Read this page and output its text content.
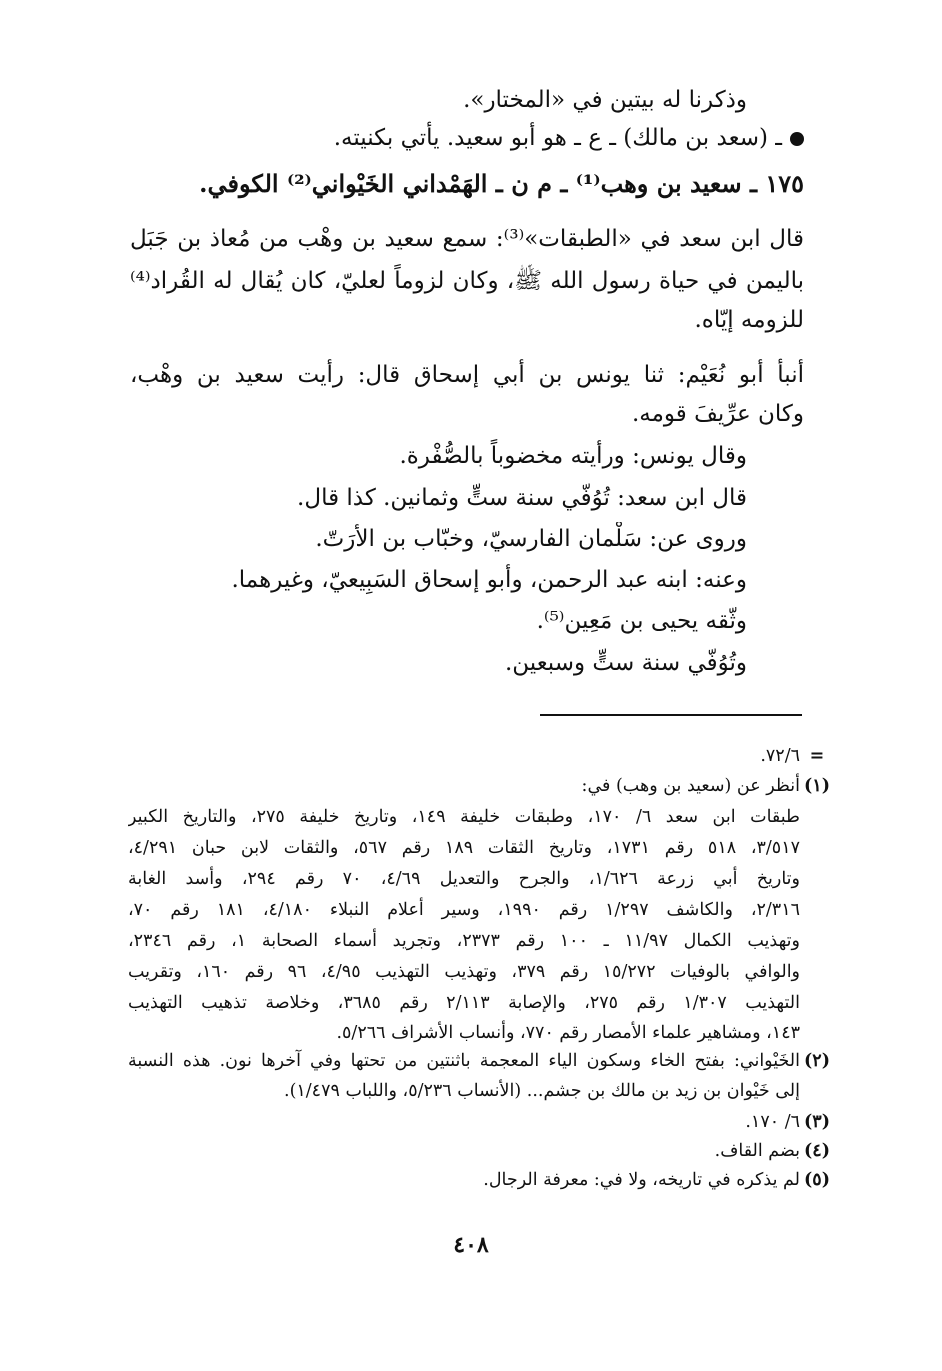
وذكرنا له بيتين في «المختار».
ـ (سعد بن مالك) ـ ع ـ هو أبو سعيد. يأتي بكنيته.
١٧٥ ـ سعيد بن وهب⁽¹⁾ ـ م ن ـ الهَمْداني الخَيْواني⁽²⁾ الكوفي.
قال ابن سعد في «الطبقات»⁽³⁾: سمع سعيد بن وهْب من مُعاذ بن جَبَل
باليمن في حياة رسول الله ﷺ، وكان لزوماً لعليّ، كان يُقال له القُراد⁽⁴⁾
للزومه إيّاه.
أنبأ أبو نُعَيْم: ثنا يونس بن أبي إسحاق قال: رأيت سعيد بن وهْب،
وكان عرِّيفَ قومه.
وقال يونس: ورأيته مخضوباً بالصُّفْرة.
قال ابن سعد: تُوُفّي سنة ستٍّ وثمانين. كذا قال.
وروى عن: سَلْمان الفارسيّ، وخبّاب بن الأرَتّ.
وعنه: ابنه عبد الرحمن، وأبو إسحاق السَبِيعيّ، وغيرهما.
وثّقه يحيى بن مَعِين⁽⁵⁾.
وتُوُفّي سنة ستٍّ وسبعين.
=
٧٢/٦.
(١)
أنظر عن (سعيد بن وهب) في:
طبقات ابن سعد ٦/ ١٧٠، وطبقات خليفة ١٤٩، وتاريخ خليفة ٢٧٥، والتاريخ الكبير
٣/٥١٧، ٥١٨ رقم ١٧٣١، وتاريخ الثقات ١٨٩ رقم ٥٦٧، والثقات لابن حبان ٤/٢٩١،
وتاريخ أبي زرعة ١/٦٢٦، والجرح والتعديل ٤/٦٩، ٧٠ رقم ٢٩٤، وأسد الغابة
٢/٣١٦، والكاشف ١/٢٩٧ رقم ١٩٩٠، وسير أعلام النبلاء ٤/١٨٠، ١٨١ رقم ٧٠،
وتهذيب الكمال ١١/٩٧ ـ ١٠٠ رقم ٢٣٧٣، وتجريد أسماء الصحابة ١، رقم ٢٣٤٦،
والوافي بالوفيات ١٥/٢٧٢ رقم ٣٧٩، وتهذيب التهذيب ٤/٩٥، ٩٦ رقم ١٦٠، وتقريب
التهذيب ١/٣٠٧ رقم ٢٧٥، والإصابة ٢/١١٣ رقم ٣٦٨٥، وخلاصة تذهيب التهذيب
١٤٣، ومشاهير علماء الأمصار رقم ٧٧٠، وأنساب الأشراف ٥/٢٦٦.
(٢)
الخَيْواني: بفتح الخاء وسكون الياء المعجمة باثنتين من تحتها وفي آخرها نون. هذه النسبة
إلى خَيْوان بن زيد بن مالك بن جشم... (الأنساب ٥/٢٣٦، واللباب ١/٤٧٩).
(٣)
٦/ ١٧٠.
(٤)
بضم القاف.
(٥)
لم يذكره في تاريخه، ولا في: معرفة الرجال.
٤٠٨
